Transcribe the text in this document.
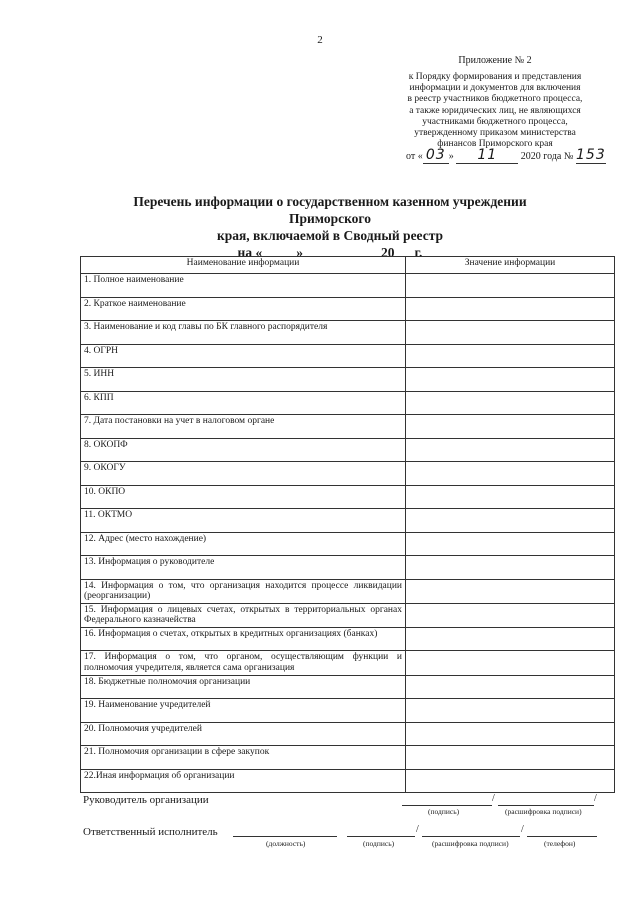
2
Приложение № 2
к Порядку формирования и представления
информации и документов для включения
в реестр участников бюджетного процесса,
а также юридических лиц, не являющихся
участниками бюджетного процесса,
утвержденному приказом министерства
финансов Приморского края
от « 03 » 11 2020 года № 153
Перечень информации о государственном казенном учреждении Приморского
края, включаемой в Сводный реестр
на «	»	20 г.
Наименование информации	Значение информации
1. Полное наименование	
2. Краткое наименование	
3. Наименование и код главы по БК главного распорядителя	
4. ОГРН	
5. ИНН	
6. КПП	
7. Дата постановки на учет в налоговом органе	
8. ОКОПФ	
9. ОКОГУ	
10. ОКПО	
11. ОКТМО	
12. Адрес (место нахождение)	
13. Информация о руководителе	
14. Информация о том, что организация находится процессе ликвидации (реорганизации)	
15. Информация о лицевых счетах, открытых в территориальных органах Федерального казначейства	
16. Информация о счетах, открытых в кредитных организациях (банках)	
17. Информация о том, что органом, осуществляющим функции и полномочия учредителя, является сама организация	
18. Бюджетные полномочия организации	
19. Наименование учредителей	
20. Полномочия учредителей	
21. Полномочия организации в сфере закупок	
22.Иная информация об организации	
Руководитель организации	/	/
(подпись)	(расшифровка подписи)
Ответственный исполнитель	/	/
(должность)	(подпись)	(расшифровка подписи)	(телефон)
